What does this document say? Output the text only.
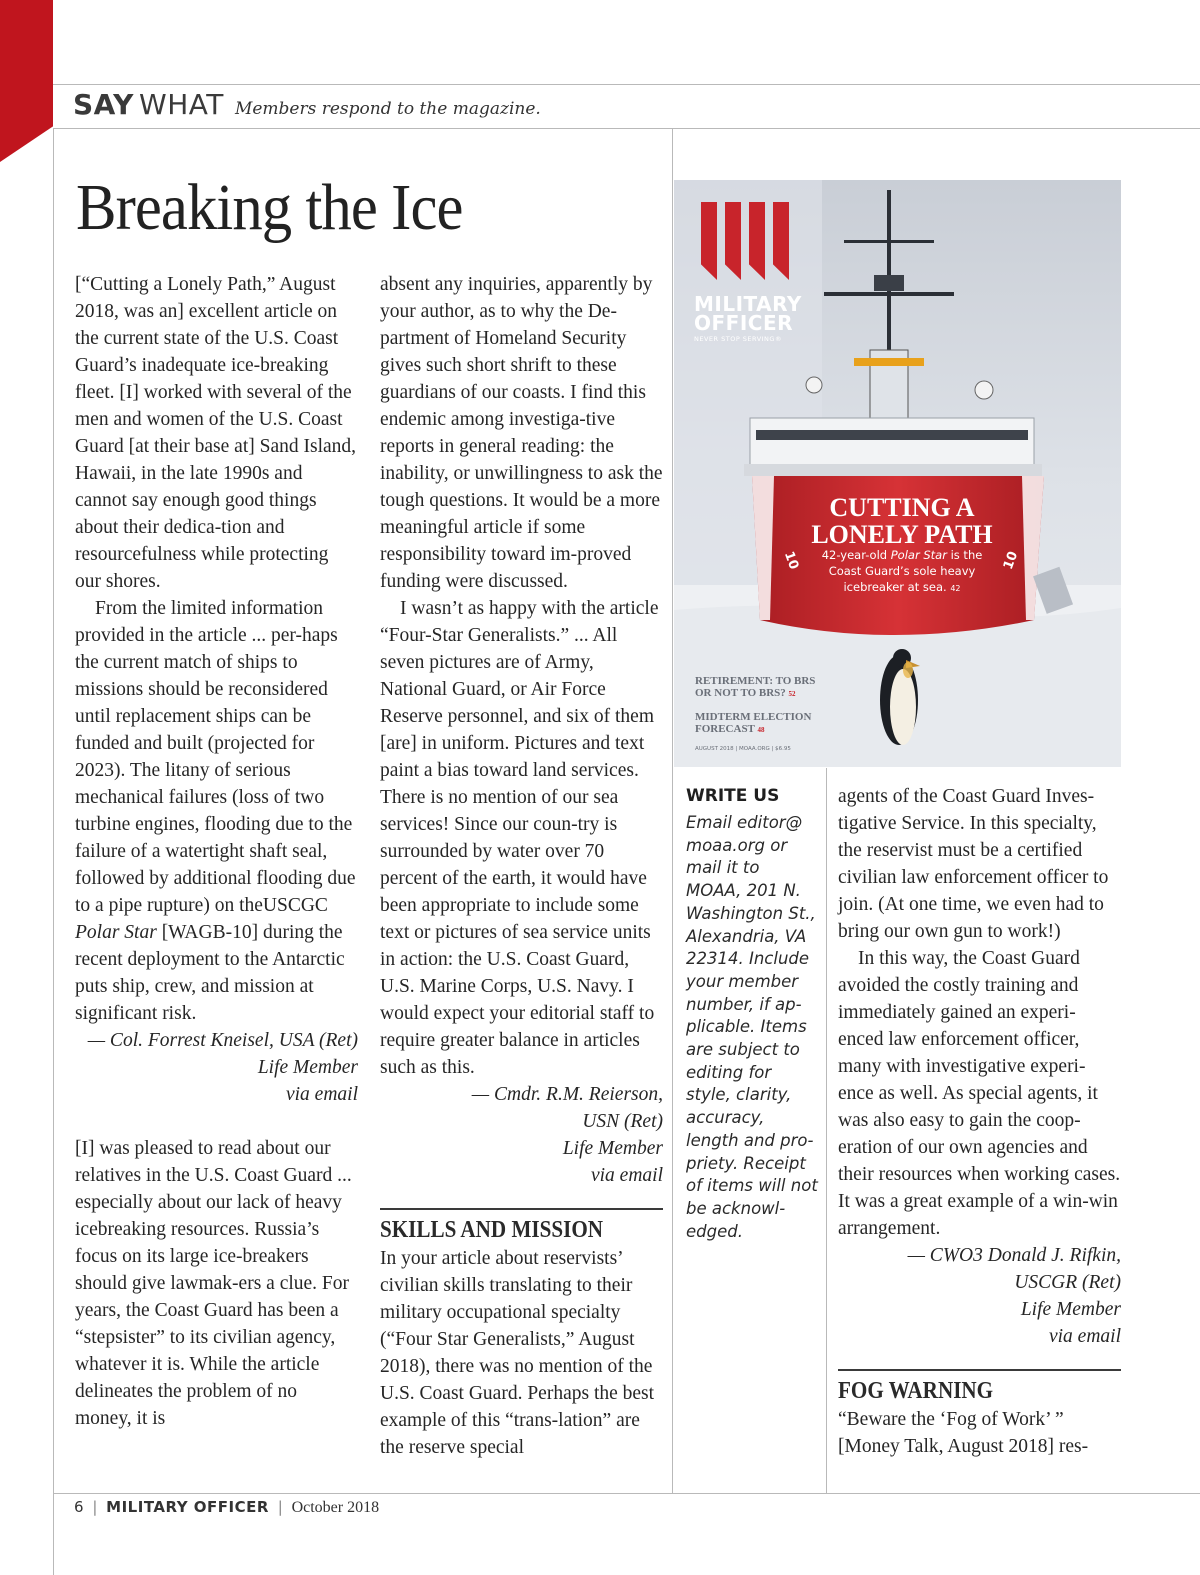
SAY WHAT Members respond to the magazine.
Breaking the Ice

[“Cutting a Lonely Path,” August 2018, was an] excellent article on the current state of the U.S. Coast Guard’s inadequate ice-breaking fleet. [I] worked with several of the men and women of the U.S. Coast Guard [at their base at] Sand Island, Hawaii, in the late 1990s and cannot say enough good things about their dedica-tion and resourcefulness while protecting our shores.

From the limited information provided in the article ... per-haps the current match of ships to missions should be reconsidered until replacement ships can be funded and built (projected for 2023). The litany of serious mechanical failures (loss of two turbine engines, flooding due to the failure of a watertight shaft seal, followed by additional flooding due to a pipe rupture) on theUSCGC Polar Star [WAGB-10] during the recent deployment to the Antarctic puts ship, crew, and mission at significant risk.

— Col. Forrest Kneisel, USA (Ret)

Life Member

via email

[I] was pleased to read about our relatives in the U.S. Coast Guard ... especially about our lack of heavy icebreaking resources. Russia’s focus on its large ice-breakers should give lawmak-ers a clue. For years, the Coast Guard has been a “stepsister” to its civilian agency, whatever it is. While the article delineates the problem of no money, it is

absent any inquiries, apparently by your author, as to why the De-partment of Homeland Security gives such short shrift to these guardians of our coasts. I find this endemic among investiga-tive reports in general reading: the inability, or unwillingness to ask the tough questions. It would be a more meaningful article if some responsibility toward im-proved funding were discussed.

I wasn’t as happy with the article “Four-Star Generalists.” ... All seven pictures are of Army, National Guard, or Air Force Reserve personnel, and six of them [are] in uniform. Pictures and text paint a bias toward land services. There is no mention of our sea services! Since our coun-try is surrounded by water over 70 percent of the earth, it would have been appropriate to include some text or pictures of sea service units in action: the U.S. Coast Guard, U.S. Marine Corps, U.S. Navy. I would expect your editorial staff to require greater balance in articles such as this.

— Cmdr. R.M. Reierson,

USN (Ret)

Life Member

via email

SKILLS AND MISSION

In your article about reservists’ civilian skills translating to their military occupational specialty (“Four Star Generalists,” August 2018), there was no mention of the U.S. Coast Guard. Perhaps the best example of this “trans-lation” are the reserve special

MILITARY
OFFICER
NEVER STOP SERVING®
10	10
CUTTING A
LONELY PATH
42-year-old Polar Star is the
Coast Guard’s sole heavy
icebreaker at sea. 42
RETIREMENT: TO BRS
OR NOT TO BRS? 52
MIDTERM ELECTION
FORECAST 48
AUGUST 2018 | MOAA.ORG | $6.95
WRITE US
Email editor@ moaa.org or mail it to MOAA, 201 N. Washington St., Alexandria, VA 22314. Include your member number, if ap-plicable. Items are subject to editing for style, clarity, accuracy, length and pro-priety. Receipt of items will not be acknowl-edged.

agents of the Coast Guard Inves-tigative Service. In this specialty, the reservist must be a certified civilian law enforcement officer to join. (At one time, we even had to bring our own gun to work!)

In this way, the Coast Guard avoided the costly training and immediately gained an experi-enced law enforcement officer, many with investigative experi-ence as well. As special agents, it was also easy to gain the coop-eration of our own agencies and their resources when working cases. It was a great example of a win-win arrangement.

— CWO3 Donald J. Rifkin,

USCGR (Ret)

Life Member

via email

FOG WARNING

“Beware the ‘Fog of Work’ ” [Money Talk, August 2018] res-

6 | MILITARY OFFICER | October 2018
